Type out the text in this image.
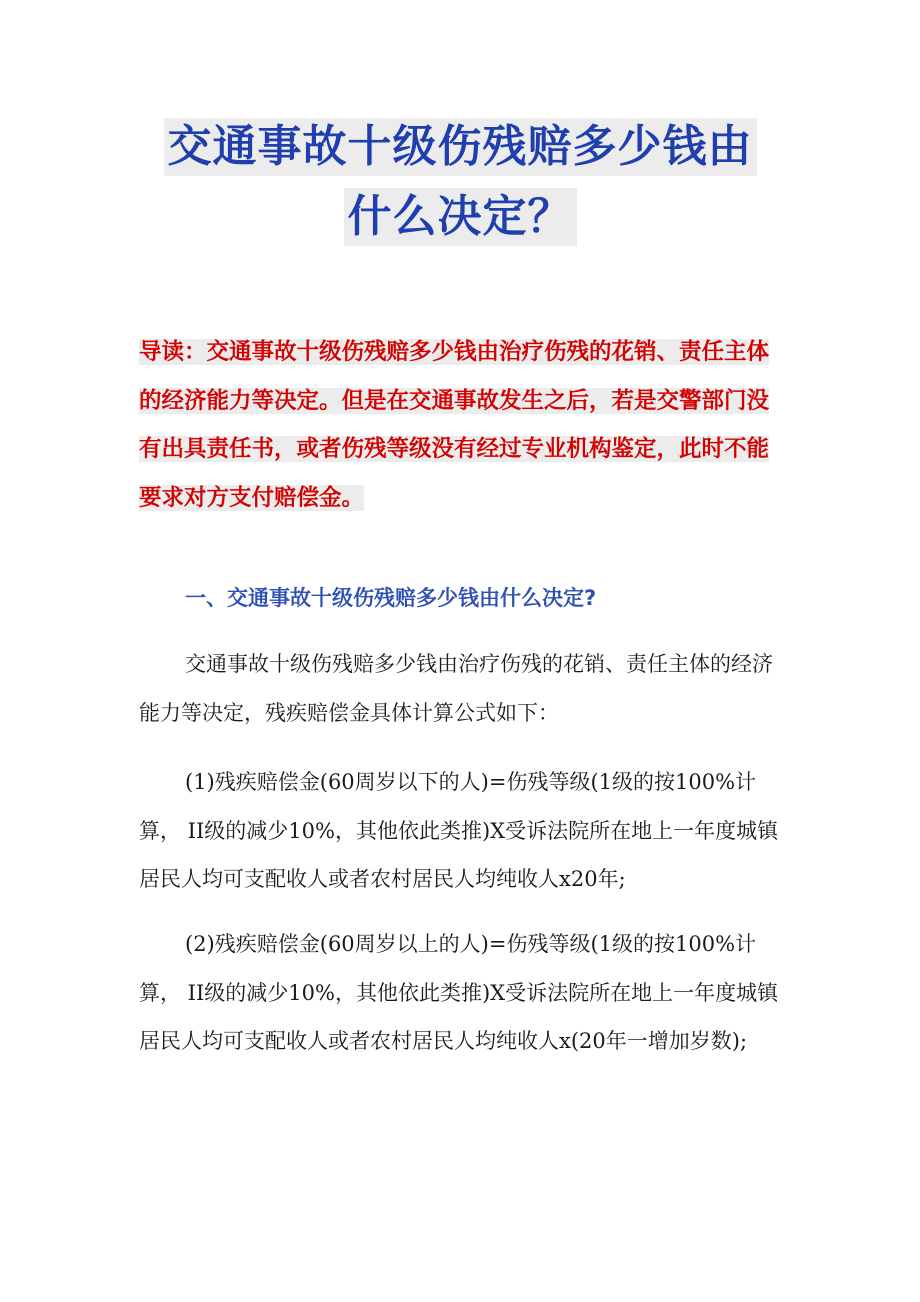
交通事故十级伤残赔多少钱由
什么决定？
导读：交通事故十级伤残赔多少钱由治疗伤残的花销、责任主体的经济能力等决定。但是在交通事故发生之后，若是交警部门没有出具责任书，或者伤残等级没有经过专业机构鉴定，此时不能要求对方支付赔偿金。
一、交通事故十级伤残赔多少钱由什么决定?
交通事故十级伤残赔多少钱由治疗伤残的花销、责任主体的经济能力等决定，残疾赔偿金具体计算公式如下：
(1)残疾赔偿金(60周岁以下的人)=伤残等级(1级的按100%计算， II级的减少10%，其他依此类推)X受诉法院所在地上一年度城镇居民人均可支配收人或者农村居民人均纯收人x20年;
(2)残疾赔偿金(60周岁以上的人)=伤残等级(1级的按100%计算， II级的减少10%，其他依此类推)X受诉法院所在地上一年度城镇居民人均可支配收人或者农村居民人均纯收人x(20年一增加岁数);
